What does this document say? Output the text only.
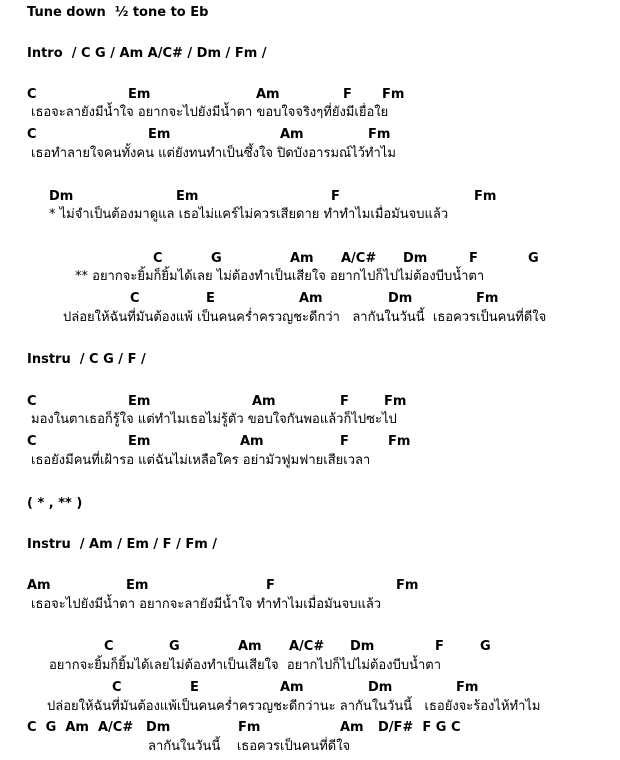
Tune down  ½ tone to Eb
Intro  / C G / Am A/C# / Dm / Fm /
C	Em	Am	F Fm
เธอจะลายังมีน้ำใจ อยากจะไปยังมีน้ำตา ขอบใจจริงๆที่ยังมีเยื่อใย
C	Em	Am	Fm
เธอทำลายใจคนทั้งคน แต่ยังทนทำเป็นซึ้งใจ ปิดบังอารมณ์ไว้ทำไม
Dm	Em	F	Fm
* ไม่จำเป็นต้องมาดูแล เธอไม่แคร์ไม่ควรเสียดาย ทำทำไมเมื่อมันจบแล้ว
C	G	Am A/C# Dm	F	G
** อยากจะยิ้มก็ยิ้มได้เลย ไม่ต้องทำเป็นเสียใจ อยากไปก็ไปไม่ต้องบีบน้ำตา
C	E	Am	Dm	Fm
ปล่อยให้ฉันที่มันต้องแพ้ เป็นคนคร่ำครวญชะดีกว่า   ลากันในวันนี้  เธอควรเป็นคนที่ดีใจ
Instru  / C G / F /
C	Em	Am	F	Fm
มองในตาเธอก็รู้ใจ แต่ทำไมเธอไม่รู้ตัว ขอบใจกันพอแล้วก็ไปซะไป
C	Em	Am	F	Fm
เธอยังมีคนที่เฝ้ารอ แต่ฉันไม่เหลือใคร อย่ามัวฟูมฟายเสียเวลา
( * , ** )
Instru  / Am / Em / F / Fm /
Am	Em	F	Fm
เธอจะไปยังมีน้ำตา อยากจะลายังมีน้ำใจ ทำทำไมเมื่อมันจบแล้ว
C	G	Am A/C# Dm	F	G
อยากจะยิ้มก็ยิ้มได้เลยไม่ต้องทำเป็นเสียใจ  อยากไปก็ไปไม่ต้องบีบน้ำตา
C	E	Am	Dm	Fm
ปล่อยให้ฉันที่มันต้องแพ้เป็นคนคร่ำครวญชะดีกว่านะ ลากันในวันนี้   เธอยังจะร้องไห้ทำไม
C  G  Am  A/C# Dm	Fm	Am D/F#  F G C
ลากันในวันนี้    เธอควรเป็นคนที่ดีใจ
